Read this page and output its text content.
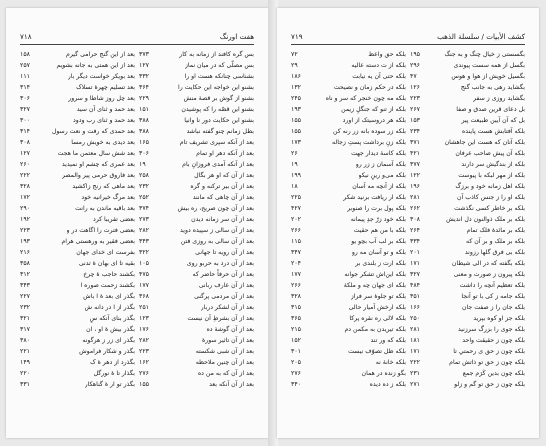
۷۱۸	هفت اورنگ
بعد از این گنج حرامی گیرم
۱۵۸
بعد از این همتی به جانه بشویم
۲۵۷
بعد بویکر خواست دیگر بار
۱۱۱
بعد تسلیم چهرۀ تسلاک
۳۱۴
بعد چل روز شاطا و سرور
۳۰۶
بعد حمد و ثنای آن سید
۳۲۷
بعد حمد و ثنای رب ودود
۳۰۰
بعد حمدی که رفت و نعت رسول
۳۱۴
بعد دیدی به خویش رمسا
۳۰۸
بعد شش سال معتمن ما هجت
۱۲۷
بعد عمری که چشم او نمیدید
۲۶۰
بعد فاروق حرمی پیر والمصر
۲۲۲
بعد ماهی که رنج زاکشید
۳۲۸
بعد مرگ خیرانیه خود
۱۷۲
بعد باقیه ماندن به رانت
۲۹۰
بعضی تقریبا کرد
۱۹۲
بعضی فترت را اگاهت در و
۲۲۳
بعضی فقیر به ورهستی هرام
۱۹۳
بفرست ای خدای جهان
۲۱۶
بقیه تا ای بهان ۀ تدنی
۳۵۸
بکشند حاجب ۀ چرخ
۳۱۲
بکشند زحمت صوره ا
۳۴۳
بگذر ای بعد ۀ ا باش
۲۲۷
بگذر از ا در دانه ش
۲۳۲
بگذر بنای آنکه سِ
۳۲۱
بگذر بیش ۀ او ، ان
۳۱۷
بگذر ای زر ز هرگونه
۳۸۰
بگذر و شکار فراموش
۲۲۱
بگذرد از دهر ۀ ک
۱۴۹
بگذار تا ۀ نورگل
۲۲۰
بگذر تو ار ۀ گناهکار
۳۳۱
بس گره کافند از زمانه به کار
۳۷۳
بس مصلّی که در میان نماز
۱۲۷
بشناسی چنانکه هست او را
۳۳۲
بشنو این خواجه این حکایت را
۳۶۴
بشنو از گوش بر قصۀ منش
۲۲۹
بشنو این قصّه را که پوشیدن
۱۵۱
بشنو این حکایت دور نا وانیا
۳۸۸
بطل زمانم چنو گفته نباشد
۳۸۸
بعد از آنکه سپری تشریف تام
۱۶۵
بعد از آنکه دهر او تمام
۳۰۶
بعد از آنکه آمدی فروزانِ بام
۱۹
بعد از آن که او هر بگال
۲۵۸
بعد از آن بیر ترکنه و گره
۲۳۲
بعد از آن چاهی که مانند
۲۵۲
بعد از آن چون صریح، ره بیش
۳۷۴
بعد از آن سر زمانه دیدن
۲۷۳
بعد از آن سالی ز سپیده دوید
۲۸۲
بعد از آن سالی به روزی فتن
۳۴۳
بعد از آن رویه تا جهانی
۳۲۲
بعد از آن درد به حربو روی
۱۰۵
بعد از آن حرفاً حاضر که
۴۷۵
بعد از آن عارف ربانی
۱۷۷
بعد از آن مردمی پرگنی
۳۶۸
بعد از آن لشکر دربار
۲۵۱
بعد از آن بشرطِ آن نیست
۱۲۳
بعد از آن گوشۀ ده
۱۷۶
بعد از آن تاثیر سورۀ
۲۸۲
بعد از آن شبی شکسته
۲۲۳
بعد از آن چنین ملاحظه
۱۶۲
بعد از آن که به من ده
۲۷۶
بعد از آن آنکه بعد
۱۵۵
۷۱۹	كشف الأبيات / سلسلة الذهب
بلکه حق واعظ
۷۲
بلکه از ت دسته عالیه
۲۹
بلکه حتی آن یه نیابت
۱۸۶
بلکه در حکم زمان و نصیحت
۱۳۲
بلکه مه چون خنجر که سر و ناه
۲۴۵
بلکه از تنو که جنگلِ زیمن
۱۹۳
بلکه هر دروسیتک از اورد
۱۵۵
بلکه زر سوده بانه زر رنه کن
۱۵۵
بلکه زنِ برداشت پستِ زجاله
۱۷۳
بلکه کاسۀ دیدار جهت
۲۶
بلکه آسمان ز زر رو
۱۹
بلکه می‌و رینِ نیکو
۱۹۹
بلکه از آنچه مه آسان
۱۸
بلکه ار ریافت برنید شکر
۲۲۵
بلکه پول برت را صنوبر
۴۲۷
بلکه خود زرّ جدِ پیمانه
۲۰۲
بلکه با من هم حقیت
۲۶۶
بلکه بر لب آب بچو یو
۱۱۵
بلکه و تو آسان مه رو
۳۴۷
بلکه ارت ز بلندی بر
۲۰۴
بلکه این‌اش تشکر جوانه
۱۷۷
بلکه ای جهان چه و ملکهٔ
۲۶۶
بلکه تو جلوۀ سر فراز
۳۲۸
بلکه ارخش آمیار حالی
۳۱۵
بلکه لالی ره نقره پرکا
۳۶۵
بلکه تیریدن به مکمن دم
۲۱۵
بلکه که ور تند
۱۵۲
بلکه ظل تصوّف نیست
۳۰۱
بلکه خانۀ نه
۲۰۵
بگو زنده در همان
۲۷۶
بلکه ز ده دیده
۳۴۰
بگسستی ز خیال چنگ و به جنگ
۱۹۵
بگسل از همه سست پیوندی
۲۹۶
بگسیل خویش از هوا و هوس
۴۷
بگشاید رهی به جانب گنج
۱۲۶
بگشاید روزی ز سفر
۲۲۳
بل دعای قرین صدق و صفا
۲۶۷
بل که آن آیین طبیعت پیر
۱۵۳
بلکه آفتابش هست پاینده
۲۳۴
بلکه آنان که هست این جاهشان
۳۷۱
بلکه آن پیش صاحب عرفان
۴۲۱
بلکه از بندگیش سر دارند
۳۷۷
بلکه از مهر لبکه با پیوست
۱۲۲
بلکه اهل زمانه خود و برزگ
۱۹۶
بلکه او را ز جنس کاذب آن
۲۸۱
بلکه بر خاطر کسی نگذشت
۲۶۲
بلکه بر ملک ذوالنون دل اندیش
۳۰۸
بلکه بر مائدۀ فلک تمام
۲۶۴
بلکه بر ملک و بر آن که
۳۳۴
بلکه بی فرق گلها رزوند
۲۰۱
بلکه بگفته که در الی شیطان
۱۷۱
بلکه پیرون ز صورت و معنی
۳۲۷
بلکه تعظیم آنچه را داشت
۴۸۴
بلکه جامه ز کی با تو آنجا
۳۵۱
بلکه جان را ز صفت جان
۱۶۶
بلکه جز او کوه بپرید
۲۵۰
بلکه جوی را بزرگ سرزنید
۲۸۱
بلکه چون ز حقیقت واحد
۱۸۱
بلکه چون ز حق ی رحمتیِ تا
۱۷۱
بلکه چون ز حق تو ذاتش تمام
۲۲۲
بلکه چون بدین کَرَم جمع
۲۳۱
بلکه چون ز حق تو گم و زلو
۲۷۱
